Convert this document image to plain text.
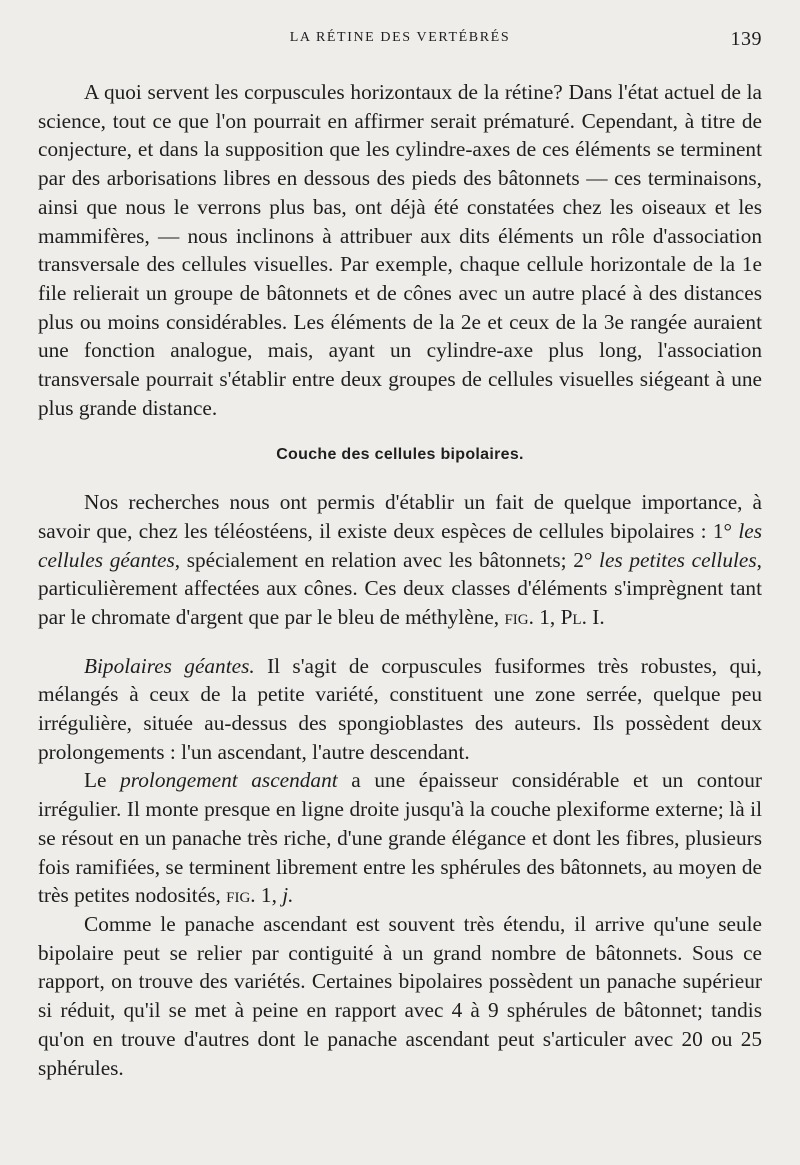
LA RÉTINE DES VERTÉBRÉS	139

A quoi servent les corpuscules horizontaux de la rétine? Dans l'état actuel de la science, tout ce que l'on pourrait en affirmer serait prématuré. Cependant, à titre de conjecture, et dans la supposition que les cylindre-axes de ces éléments se terminent par des arborisations libres en dessous des pieds des bâtonnets — ces terminaisons, ainsi que nous le verrons plus bas, ont déjà été constatées chez les oiseaux et les mammifères, — nous inclinons à attribuer aux dits éléments un rôle d'association transversale des cellules visuelles. Par exemple, chaque cellule horizontale de la 1e file relierait un groupe de bâtonnets et de cônes avec un autre placé à des distances plus ou moins considérables. Les éléments de la 2e et ceux de la 3e rangée auraient une fonction analogue, mais, ayant un cylindre-axe plus long, l'association transversale pourrait s'établir entre deux groupes de cellules visuelles siégeant à une plus grande distance.

Couche des cellules bipolaires.

Nos recherches nous ont permis d'établir un fait de quelque importance, à savoir que, chez les téléostéens, il existe deux espèces de cellules bipolaires : 1° les cellules géantes, spécialement en relation avec les bâtonnets; 2° les petites cellules, particulièrement affectées aux cônes. Ces deux classes d'éléments s'imprègnent tant par le chromate d'argent que par le bleu de méthylène, fig. 1, Pl. I.

Bipolaires géantes. Il s'agit de corpuscules fusiformes très robustes, qui, mélangés à ceux de la petite variété, constituent une zone serrée, quelque peu irrégulière, située au-dessus des spongioblastes des auteurs. Ils possèdent deux prolongements : l'un ascendant, l'autre descendant.

Le prolongement ascendant a une épaisseur considérable et un contour irrégulier. Il monte presque en ligne droite jusqu'à la couche plexiforme externe; là il se résout en un panache très riche, d'une grande élégance et dont les fibres, plusieurs fois ramifiées, se terminent librement entre les sphérules des bâtonnets, au moyen de très petites nodosités, fig. 1, j.

Comme le panache ascendant est souvent très étendu, il arrive qu'une seule bipolaire peut se relier par contiguité à un grand nombre de bâtonnets. Sous ce rapport, on trouve des variétés. Certaines bipolaires possèdent un panache supérieur si réduit, qu'il se met à peine en rapport avec 4 à 9 sphérules de bâtonnet; tandis qu'on en trouve d'autres dont le panache ascendant peut s'articuler avec 20 ou 25 sphérules.
